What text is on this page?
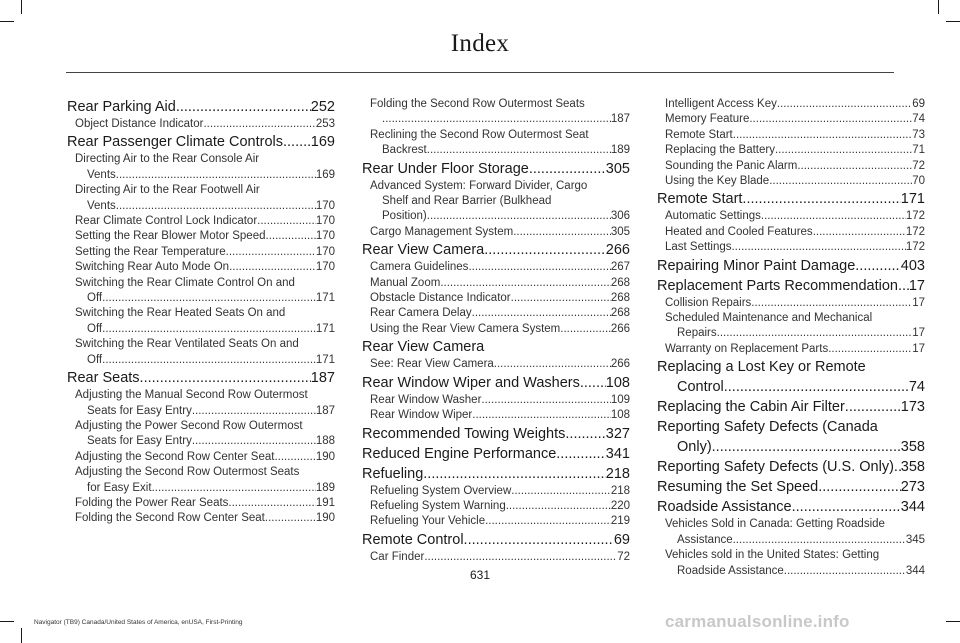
Index
Rear Parking Aid .....	252
Object Distance Indicator .....	253
Rear Passenger Climate Controls ..... 169
Directing Air to the Rear Console Air
Vents .....	169
Directing Air to the Rear Footwell Air
Vents .....	170
Rear Climate Control Lock Indicator .....	170
Setting the Rear Blower Motor Speed .....	170
Setting the Rear Temperature .....	170
Switching Rear Auto Mode On .....	170
Switching the Rear Climate Control On and
Off .....	171
Switching the Rear Heated Seats On and
Off .....	171
Switching the Rear Ventilated Seats On and
Off .....	171
Rear Seats .....	187
Adjusting the Manual Second Row Outermost
Seats for Easy Entry .....	187
Adjusting the Power Second Row Outermost
Seats for Easy Entry .....	188
Adjusting the Second Row Center Seat .....	190
Adjusting the Second Row Outermost Seats
for Easy Exit .....	189
Folding the Power Rear Seats .....	191
Folding the Second Row Center Seat .....	190
Folding the Second Row Outermost Seats
.....
187
Reclining the Second Row Outermost Seat
Backrest .....	189
Rear Under Floor Storage .....	305
Advanced System: Forward Divider, Cargo
Shelf and Rear Barrier (Bulkhead
Position) .....	306
Cargo Management System .....	305
Rear View Camera .....	266
Camera Guidelines .....	267
Manual Zoom .....	268
Obstacle Distance Indicator .....	268
Rear Camera Delay .....	268
Using the Rear View Camera System .....	266
Rear View Camera
See: Rear View Camera .....	266
Rear Window Wiper and Washers ..... 108
Rear Window Washer .....	109
Rear Window Wiper .....	108
Recommended Towing Weights .....	327
Reduced Engine Performance .....	341
Refueling .....	218
Refueling System Overview .....	218
Refueling System Warning .....	220
Refueling Your Vehicle .....	219
Remote Control .....	69
Car Finder .....	72
Intelligent Access Key .....	69
Memory Feature .....	74
Remote Start .....	73
Replacing the Battery .....	71
Sounding the Panic Alarm .....	72
Using the Key Blade .....	70
Remote Start .....	171
Automatic Settings .....	172
Heated and Cooled Features .....	172
Last Settings .....	172
Repairing Minor Paint Damage .....	403
Replacement Parts Recommendation ..... 17
Collision Repairs .....	17
Scheduled Maintenance and Mechanical
Repairs .....	17
Warranty on Replacement Parts .....	17
Replacing a Lost Key or Remote
Control .....	74
Replacing the Cabin Air Filter .....	173
Reporting Safety Defects (Canada
Only) .....	358
Reporting Safety Defects (U.S. Only) ..... 358
Resuming the Set Speed .....	273
Roadside Assistance .....	344
Vehicles Sold in Canada: Getting Roadside
Assistance .....	345
Vehicles sold in the United States: Getting
Roadside Assistance .....	344
631
Navigator (TB9) Canada/United States of America, enUSA, First-Printing	carmanualsonline.info
